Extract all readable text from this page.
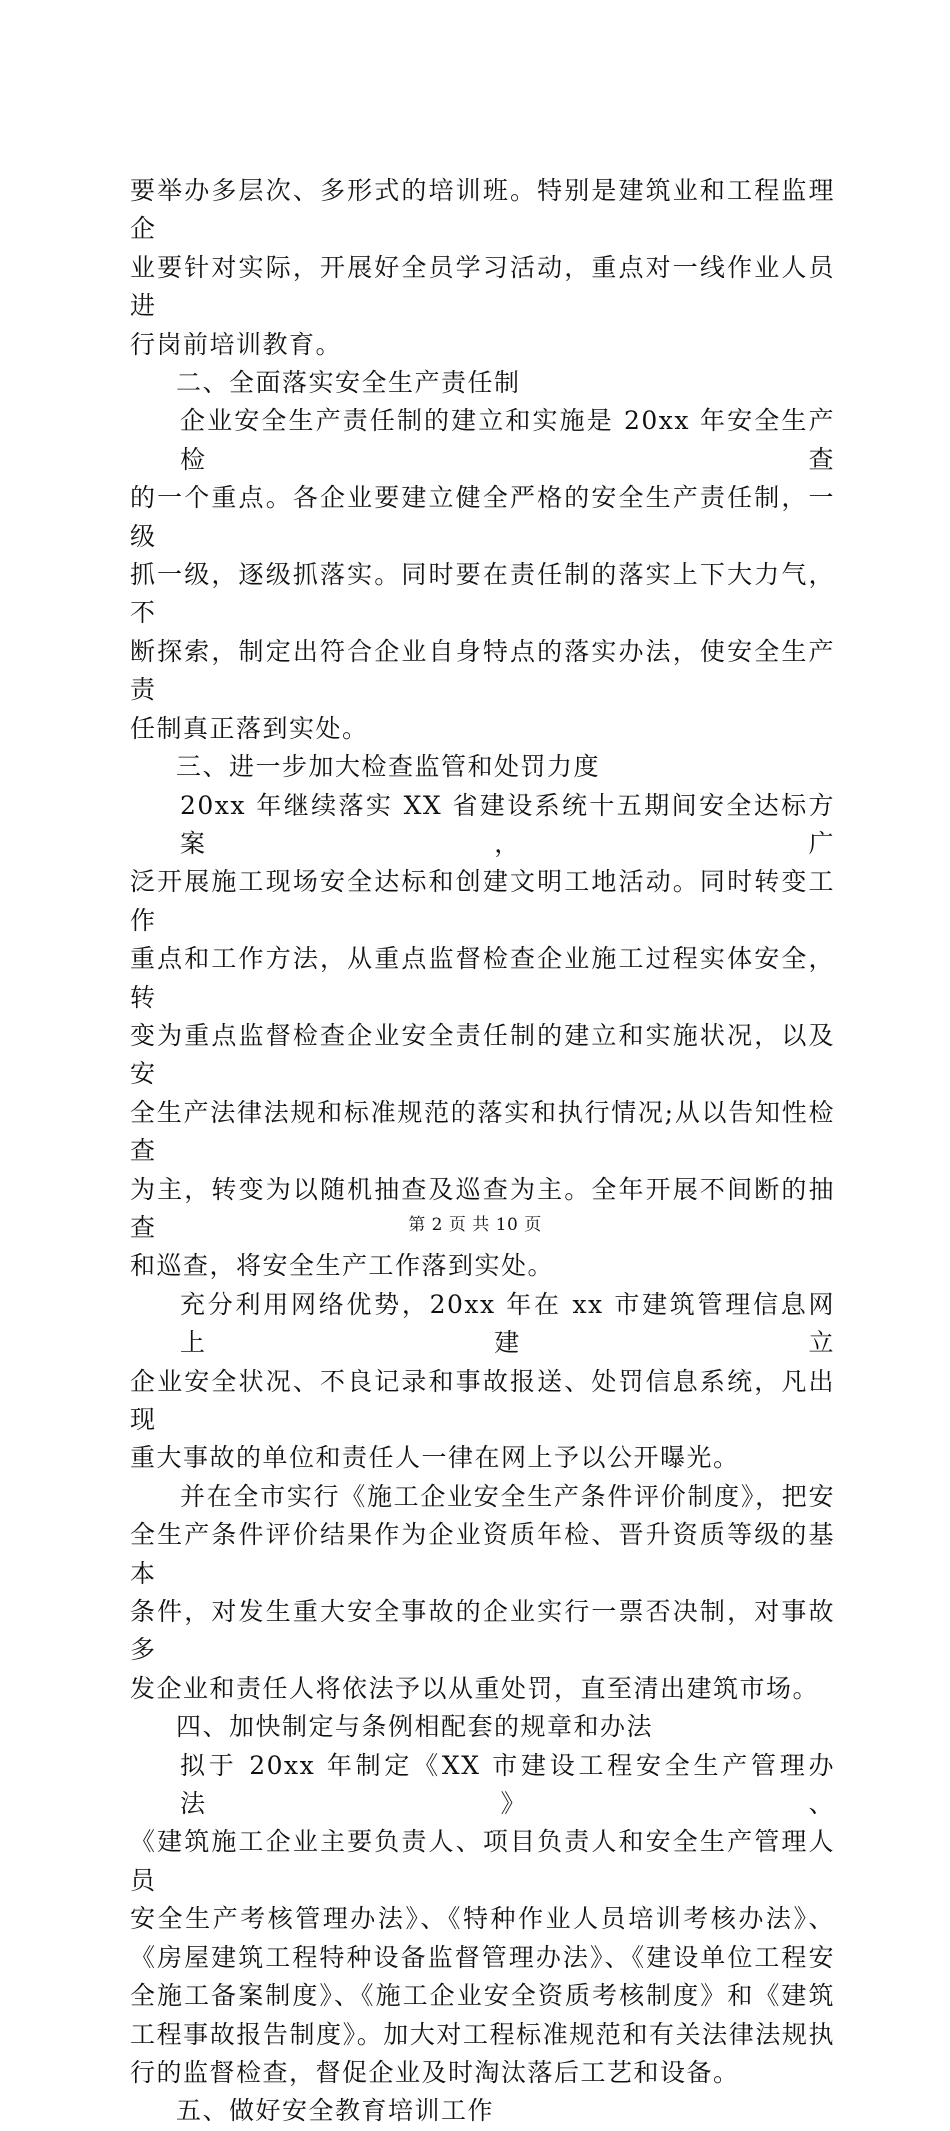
要举办多层次、多形式的培训班。特别是建筑业和工程监理企
业要针对实际，开展好全员学习活动，重点对一线作业人员进
行岗前培训教育。
二、全面落实安全生产责任制
企业安全生产责任制的建立和实施是 20xx 年安全生产检查
的一个重点。各企业要建立健全严格的安全生产责任制，一级
抓一级，逐级抓落实。同时要在责任制的落实上下大力气，不
断探索，制定出符合企业自身特点的落实办法，使安全生产责
任制真正落到实处。
三、进一步加大检查监管和处罚力度
20xx 年继续落实 XX 省建设系统十五期间安全达标方案，广
泛开展施工现场安全达标和创建文明工地活动。同时转变工作
重点和工作方法，从重点监督检查企业施工过程实体安全，转
变为重点监督检查企业安全责任制的建立和实施状况，以及安
全生产法律法规和标准规范的落实和执行情况;从以告知性检查
为主，转变为以随机抽查及巡查为主。全年开展不间断的抽查
和巡查，将安全生产工作落到实处。
充分利用网络优势，20xx 年在 xx 市建筑管理信息网上建立
企业安全状况、不良记录和事故报送、处罚信息系统，凡出现
重大事故的单位和责任人一律在网上予以公开曝光。
并在全市实行《施工企业安全生产条件评价制度》，把安
全生产条件评价结果作为企业资质年检、晋升资质等级的基本
条件，对发生重大安全事故的企业实行一票否决制，对事故多
发企业和责任人将依法予以从重处罚，直至清出建筑市场。
四、加快制定与条例相配套的规章和办法
拟于 20xx 年制定《XX 市建设工程安全生产管理办法》、
《建筑施工企业主要负责人、项目负责人和安全生产管理人员
安全生产考核管理办法》、《特种作业人员培训考核办法》、
《房屋建筑工程特种设备监督管理办法》、《建设单位工程安
全施工备案制度》、《施工企业安全资质考核制度》和《建筑
工程事故报告制度》。加大对工程标准规范和有关法律法规执
行的监督检查，督促企业及时淘汰落后工艺和设备。
五、做好安全教育培训工作
第 2 页 共 10 页
